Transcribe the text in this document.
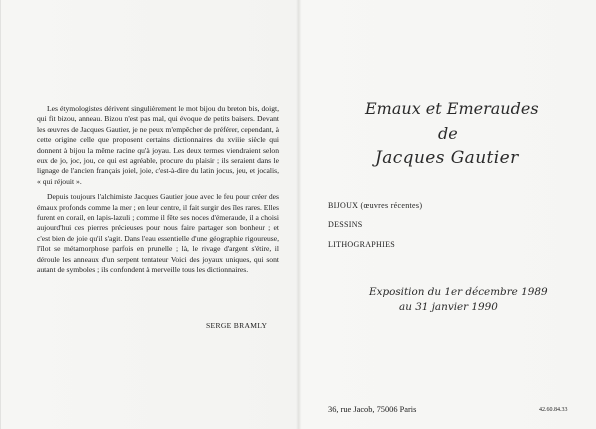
Les étymologistes dérivent singulièrement le mot bijou du breton bis, doigt, qui fit bizou, anneau. Bizou n'est pas mal, qui évoque de petits baisers. Devant les œuvres de Jacques Gautier, je ne peux m'empêcher de préférer, cependant, à cette origine celle que proposent certains dictionnaires du xviiie siècle qui donnent à bijou la même racine qu'à joyau. Les deux termes viendraient selon eux de jo, joc, jou, ce qui est agréable, procure du plaisir ; ils seraient dans le lignage de l'ancien français joiel, joie, c'est-à-dire du latin jocus, jeu, et jocalis, « qui réjouit ».

Depuis toujours l'alchimiste Jacques Gautier joue avec le feu pour créer des émaux profonds comme la mer ; en leur centre, il fait surgir des îles rares. Elles furent en corail, en lapis-lazuli ; comme il fête ses noces d'émeraude, il a choisi aujourd'hui ces pierres précieuses pour nous faire partager son bonheur ; et c'est bien de joie qu'il s'agit. Dans l'eau essentielle d'une géographie rigoureuse, l'îlot se métamorphose parfois en prunelle ; là, le rivage d'argent s'étire, il déroule les anneaux d'un serpent tentateur Voici des joyaux uniques, qui sont autant de symboles ; ils confondent à merveille tous les dictionnaires.

SERGE BRAMLY
Emaux et Emeraudes
de
Jacques Gautier
BIJOUX (œuvres récentes)
DESSINS
LITHOGRAPHIES
Exposition du 1er décembre 1989
au 31 janvier 1990
36, rue Jacob, 75006 Paris	42.60.84.33
